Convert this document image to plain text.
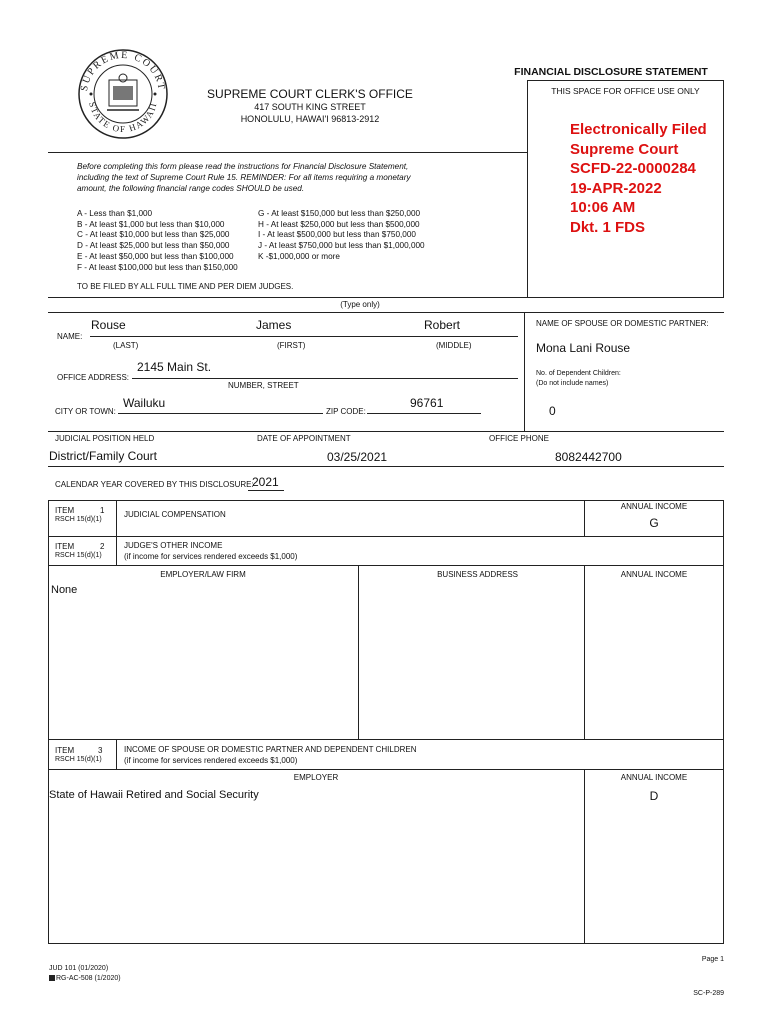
SUPREME COURT
STATE OF HAWAII
SUPREME COURT CLERK'S OFFICE
417 SOUTH KING STREET
HONOLULU, HAWAI'I 96813-2912
FINANCIAL DISCLOSURE STATEMENT
THIS SPACE FOR OFFICE USE ONLY
Electronically Filed
Supreme Court
SCFD-22-0000284
19-APR-2022
10:06 AM
Dkt. 1 FDS
Before completing this form please read the instructions for Financial Disclosure Statement,
including the text of Supreme Court Rule 15. REMINDER: For all items requiring a monetary
amount, the following financial range codes SHOULD be used.
A - Less than $1,000
B - At least $1,000 but less than $10,000
C - At least $10,000 but less than $25,000
D - At least $25,000 but less than $50,000
E - At least $50,000 but less than $100,000
F - At least $100,000 but less than $150,000
G - At least $150,000 but less than $250,000
H - At least $250,000 but less than $500,000
I - At least $500,000 but less than $750,000
J - At least $750,000 but less than $1,000,000
K -$1,000,000 or more
TO BE FILED BY ALL FULL TIME AND PER DIEM JUDGES.
(Type only)
NAME:
Rouse	James	Robert
(LAST)	(FIRST)	(MIDDLE)
NAME OF SPOUSE OR DOMESTIC PARTNER:
Mona Lani Rouse
No. of Dependent Children:
(Do not include names)
0
OFFICE ADDRESS:
2145 Main St.
NUMBER, STREET
CITY OR TOWN:
Wailuku
ZIP CODE:
96761
JUDICIAL POSITION HELD	DATE OF APPOINTMENT	OFFICE PHONE
District/Family Court	03/25/2021	8082442700
CALENDAR YEAR COVERED BY THIS DISCLOSURE:
2021
ITEM	1
RSCH 15(d)(1)
JUDICIAL COMPENSATION
ANNUAL INCOME
G
ITEM	2
RSCH 15(d)(1)
JUDGE'S OTHER INCOME
(if income for services rendered exceeds $1,000)
EMPLOYER/LAW FIRM	BUSINESS ADDRESS	ANNUAL INCOME
None
ITEM	3
RSCH 15(d)(1)
INCOME OF SPOUSE OR DOMESTIC PARTNER AND DEPENDENT CHILDREN
(if income for services rendered exceeds $1,000)
EMPLOYER	ANNUAL INCOME
State of Hawaii Retired and Social Security	D
JUD 101 (01/2020)
RG-AC-508 (1/2020)
Page 1
SC-P-289
